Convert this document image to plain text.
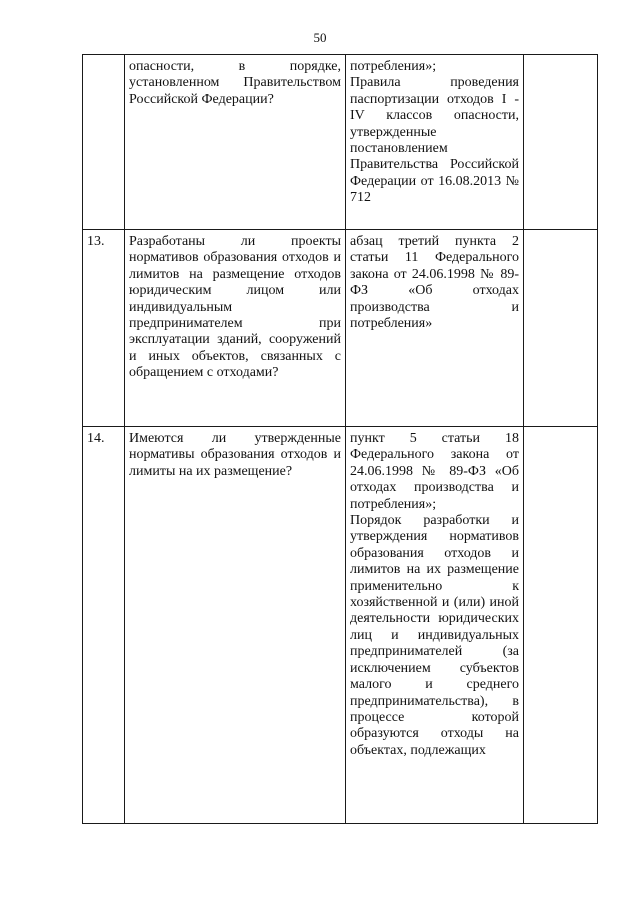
50

	опасности, в порядке, установленном Правительством Российской Федерации?	потребления»;
Правила проведения паспортизации отходов I - IV классов опасности, утвержденные постановлением Правительства Российской Федерации от 16.08.2013 № 712	

13.	Разработаны ли проекты нормативов образования отходов и лимитов на размещение отходов юридическим лицом или индивидуальным предпринимателем при эксплуатации зданий, сооружений и иных объектов, связанных с обращением с отходами?	абзац третий пункта 2 статьи 11 Федерального закона от 24.06.1998 № 89-ФЗ «Об отходах производства и потребления»	

14.	Имеются ли утвержденные нормативы образования отходов и лимиты на их размещение?	пункт 5 статьи 18 Федерального закона от 24.06.1998 № 89-ФЗ «Об отходах производства и потребления»;
Порядок разработки и утверждения нормативов образования отходов и лимитов на их размещение применительно к хозяйственной и (или) иной деятельности юридических лиц и индивидуальных предпринимателей (за исключением субъектов малого и среднего предпринимательства), в процессе которой образуются отходы на объектах, подлежащих	
